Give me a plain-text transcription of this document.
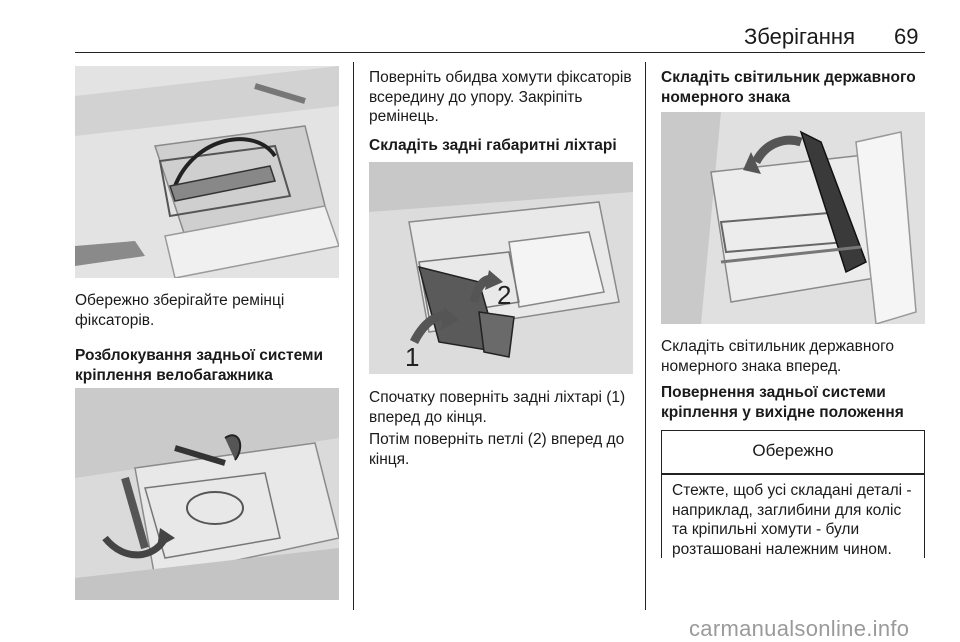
Зберігання 69

Обережно зберігайте ремінці фіксаторів.

Розблокування задньої системи кріплення велобагажника

Поверніть обидва хомути фіксаторів всередину до упору. Закріпіть ремінець.

Складіть задні габаритні ліхтарі

1
2

Спочатку поверніть задні ліхтарі (1) вперед до кінця.

Потім поверніть петлі (2) вперед до кінця.

Складіть світильник державного номерного знака

Складіть світильник державного номерного знака вперед.

Повернення задньої системи кріплення у вихідне положення

Обережно
Стежте, щоб усі складані деталі - наприклад, заглибини для коліс та кріпильні хомути - були розташовані належним чином.
carmanualsonline.info
